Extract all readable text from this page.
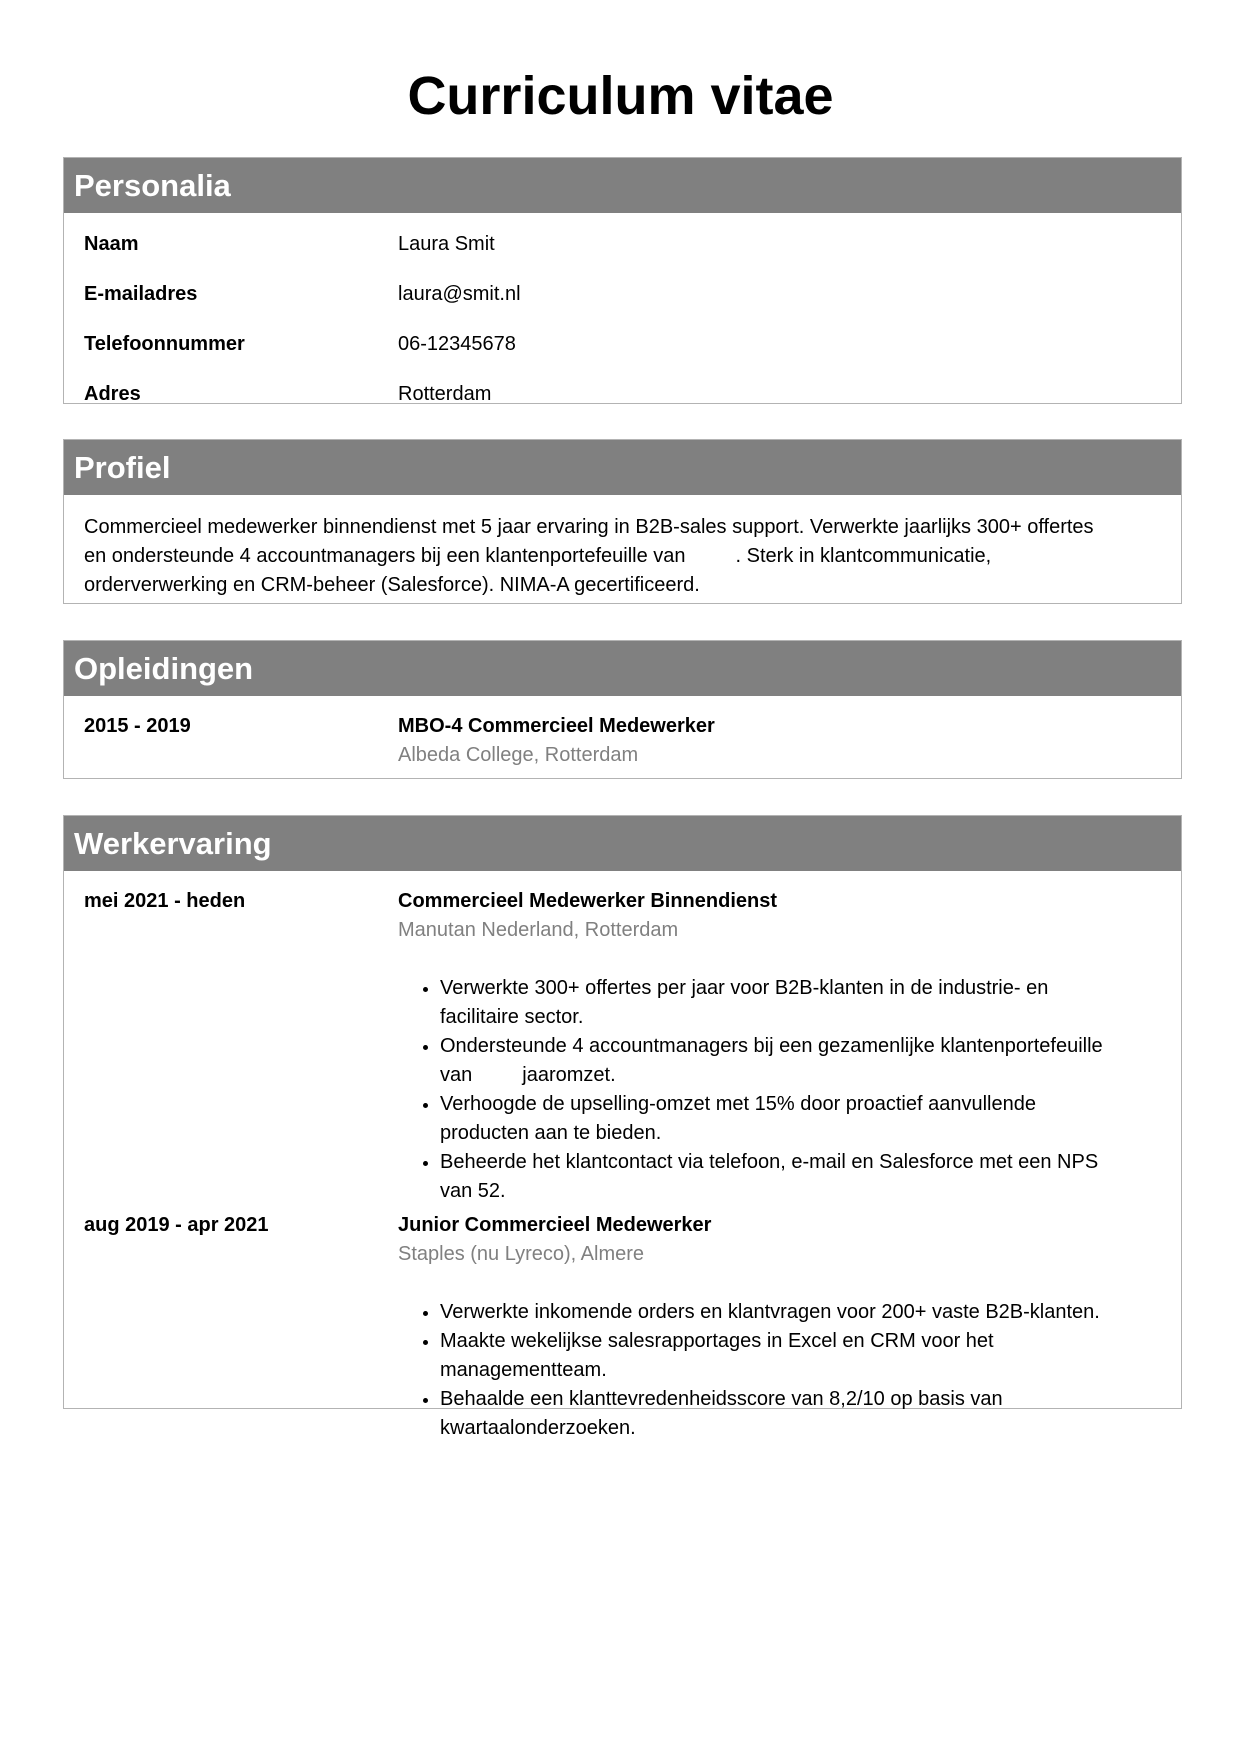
Curriculum vitae
Personalia
Naam	Laura Smit
E-mailadres	laura@smit.nl
Telefoonnummer	06-12345678
Adres	Rotterdam
Profiel
Commercieel medewerker binnendienst met 5 jaar ervaring in B2B-sales support. Verwerkte jaarlijks 300+ offertes
en ondersteunde 4 accountmanagers bij een klantenportefeuille van	. Sterk in klantcommunicatie,
orderverwerking en CRM-beheer (Salesforce). NIMA-A gecertificeerd.
Opleidingen
2015 - 2019	MBO-4 Commercieel Medewerker
Albeda College, Rotterdam
Werkervaring
mei 2021 - heden	Commercieel Medewerker Binnendienst
Manutan Nederland, Rotterdam
• Verwerkte 300+ offertes per jaar voor B2B-klanten in de industrie- en
facilitaire sector.
• Ondersteunde 4 accountmanagers bij een gezamenlijke klantenportefeuille
van	jaaromzet.
• Verhoogde de upselling-omzet met 15% door proactief aanvullende
producten aan te bieden.
• Beheerde het klantcontact via telefoon, e-mail en Salesforce met een NPS
van 52.
aug 2019 - apr 2021	Junior Commercieel Medewerker
Staples (nu Lyreco), Almere
• Verwerkte inkomende orders en klantvragen voor 200+ vaste B2B-klanten.
• Maakte wekelijkse salesrapportages in Excel en CRM voor het
managementteam.
• Behaalde een klanttevredenheidsscore van 8,2/10 op basis van
kwartaalonderzoeken.
